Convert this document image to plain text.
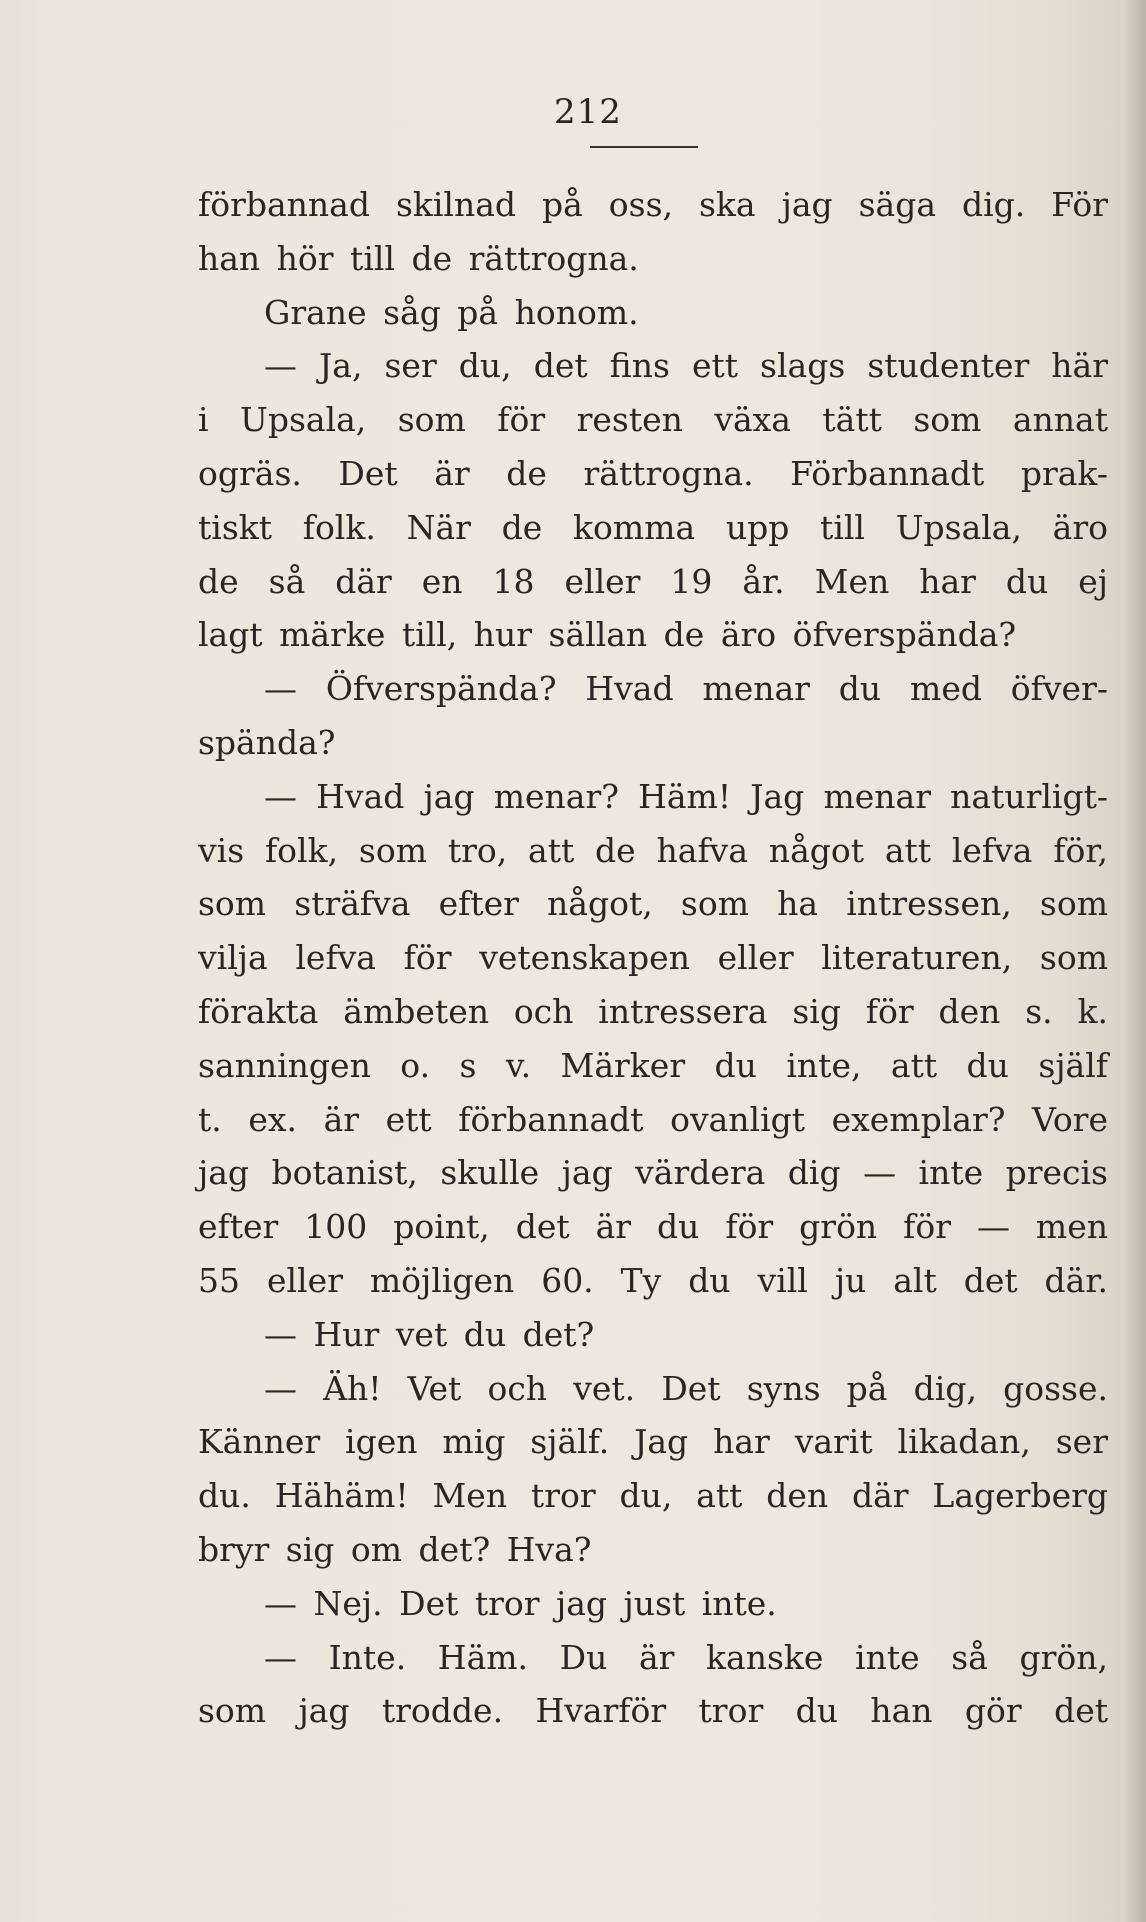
212
förbannad skilnad på oss, ska jag säga dig. För
han hör till de rättrogna.
Grane såg på honom.
— Ja, ser du, det fins ett slags studenter här
i Upsala, som för resten växa tätt som annat
ogräs. Det är de rättrogna. Förbannadt prak-
tiskt folk. När de komma upp till Upsala, äro
de så där en 18 eller 19 år. Men har du ej
lagt märke till, hur sällan de äro öfverspända?
— Öfverspända? Hvad menar du med öfver-
spända?
— Hvad jag menar? Häm! Jag menar naturligt-
vis folk, som tro, att de hafva något att lefva för,
som sträfva efter något, som ha intressen, som
vilja lefva för vetenskapen eller literaturen, som
förakta ämbeten och intressera sig för den s. k.
sanningen o. s v. Märker du inte, att du själf
t. ex. är ett förbannadt ovanligt exemplar? Vore
jag botanist, skulle jag värdera dig — inte precis
efter 100 point, det är du för grön för — men
55 eller möjligen 60. Ty du vill ju alt det där.
— Hur vet du det?
— Äh! Vet och vet. Det syns på dig, gosse.
Känner igen mig själf. Jag har varit likadan, ser
du. Hähäm! Men tror du, att den där Lagerberg
bryr sig om det? Hva?
— Nej. Det tror jag just inte.
— Inte. Häm. Du är kanske inte så grön,
som jag trodde. Hvarför tror du han gör det
